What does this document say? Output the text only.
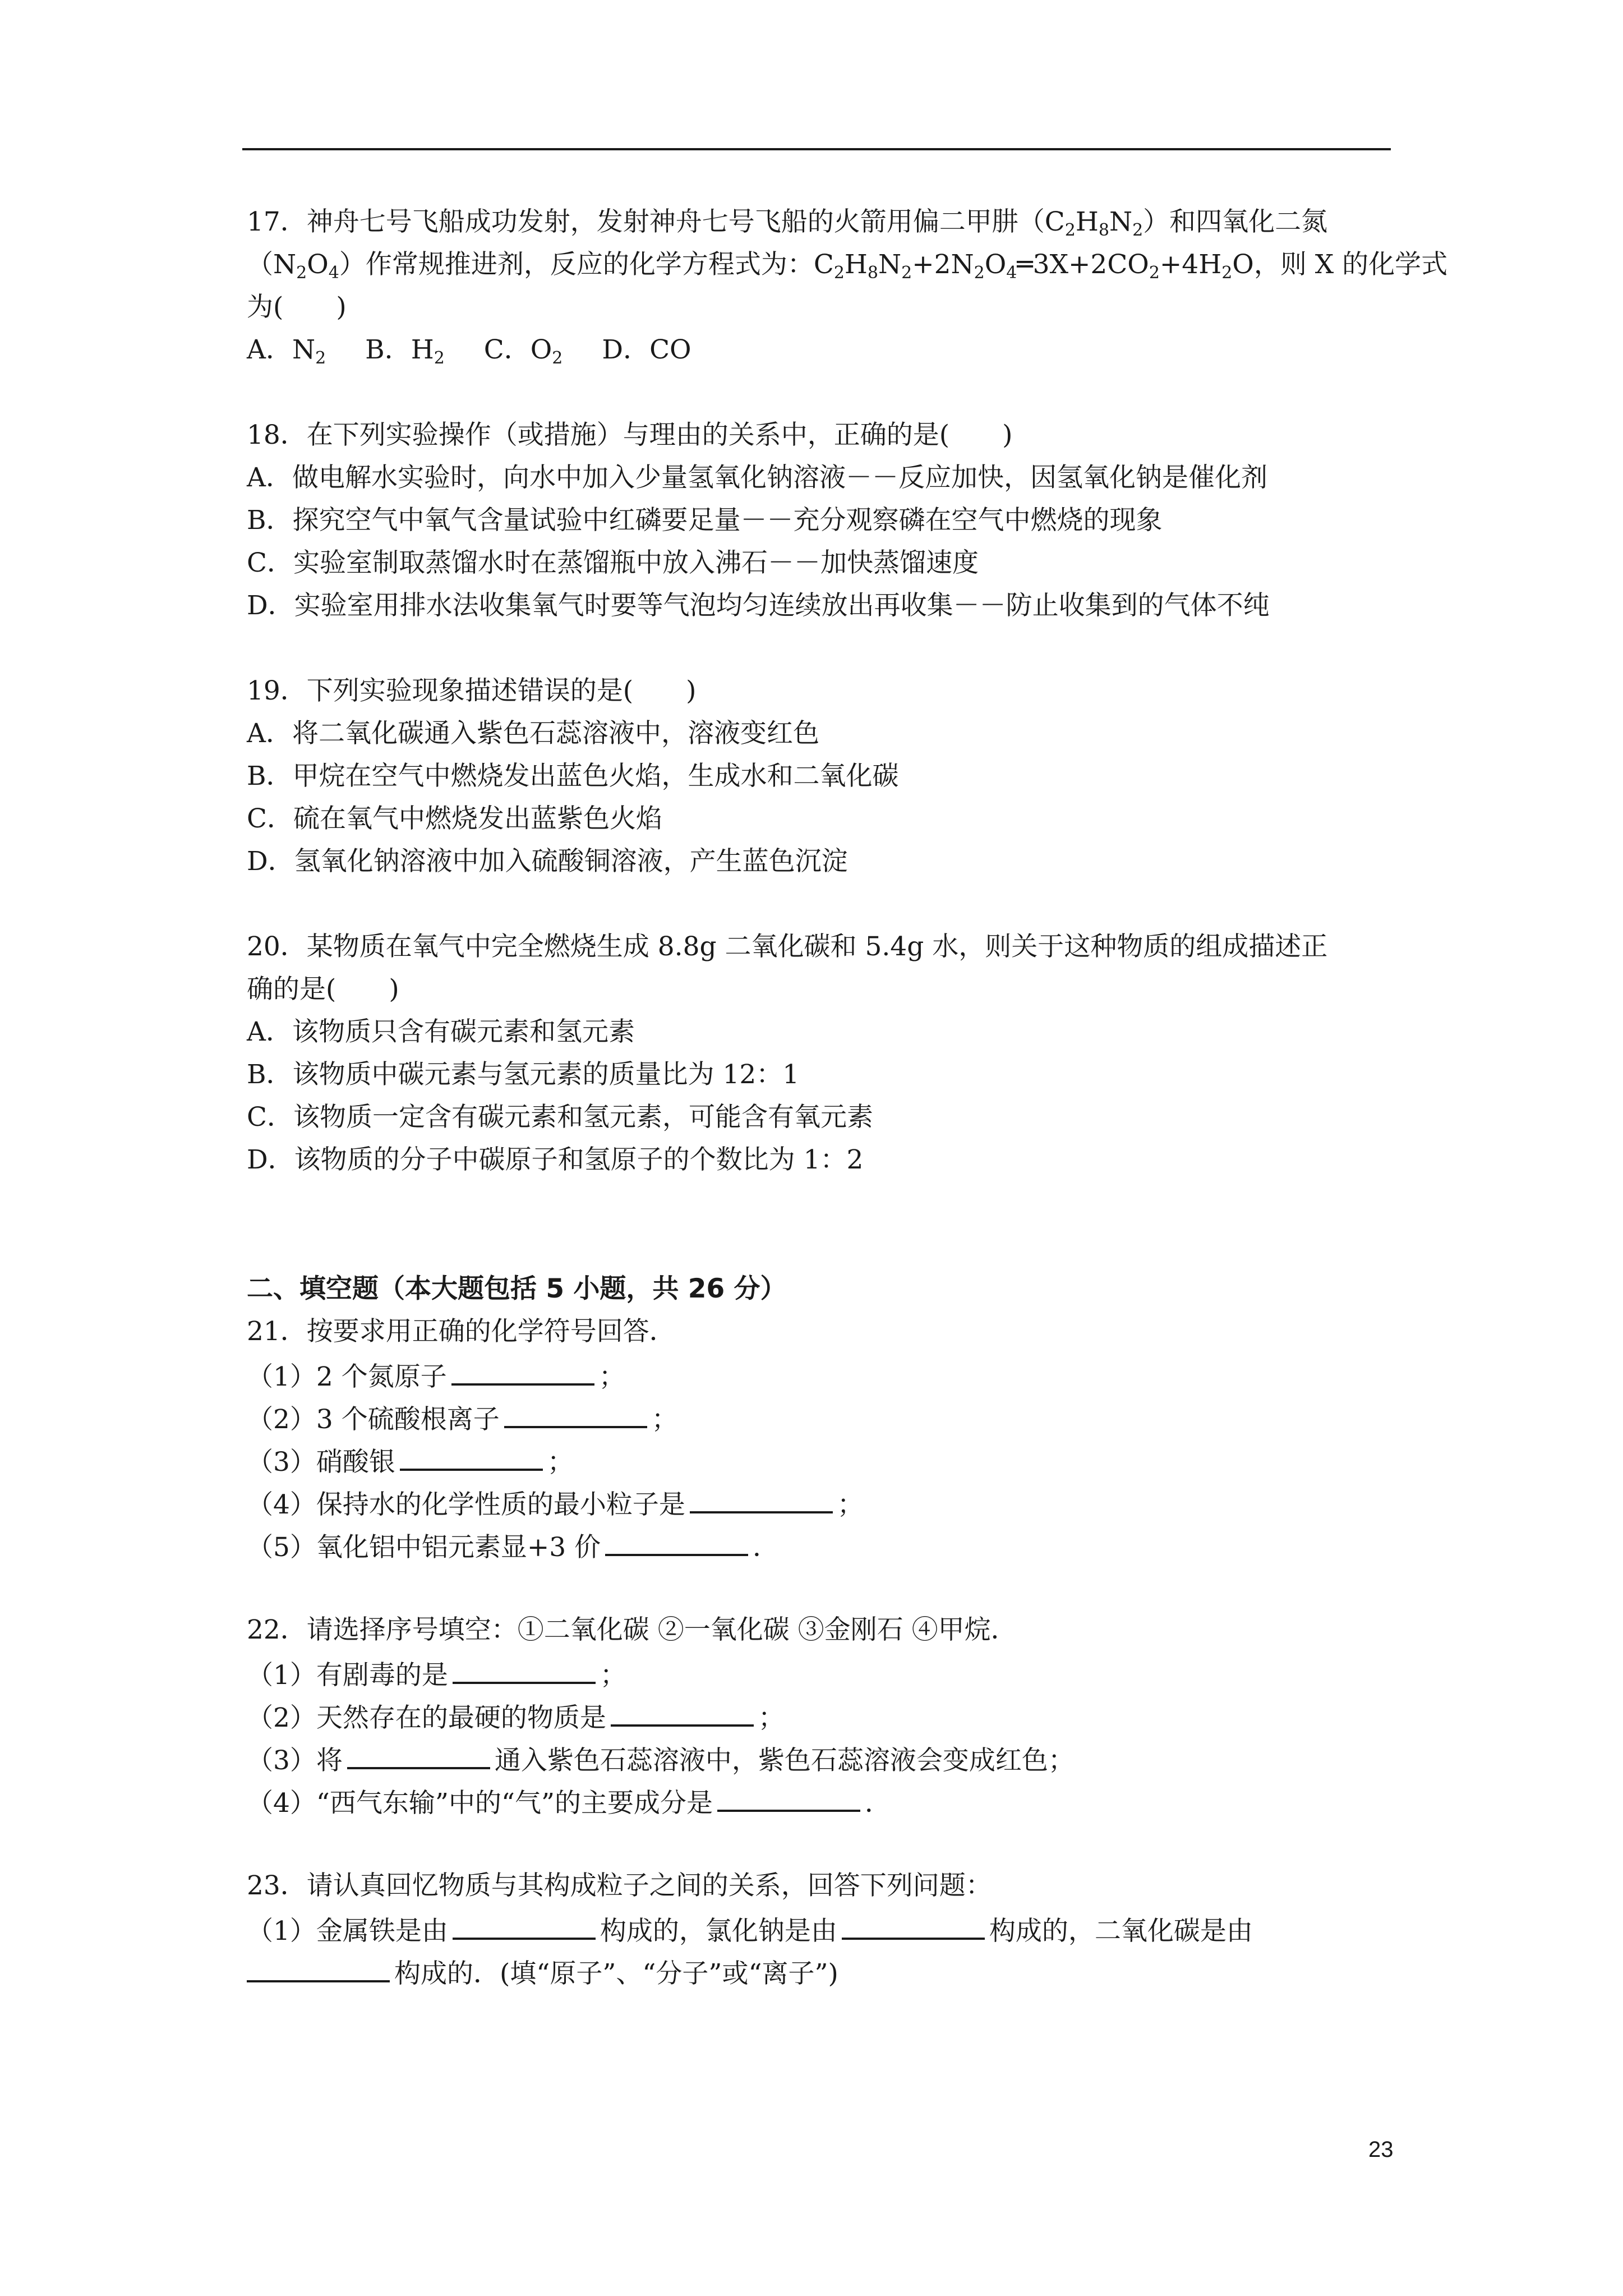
17．神舟七号飞船成功发射，发射神舟七号飞船的火箭用偏二甲肼$(C_2H_8N_2)$和四氧化二氮
$(N_2O_4)$作常规推进剂，反应的化学方程式为：$C_2H_8N_2+2N_2O_4═3X+2CO_2+4H_2O$，则 X 的化学式
为(　　)
A．$N_2$ B．$H_2$ C．$O_2$ D．CO
18．在下列实验操作（或措施）与理由的关系中，正确的是(　　)
A．做电解水实验时，向水中加入少量氢氧化钠溶液－－反应加快，因氢氧化钠是催化剂
B．探究空气中氧气含量试验中红磷要足量－－充分观察磷在空气中燃烧的现象
C．实验室制取蒸馏水时在蒸馏瓶中放入沸石－－加快蒸馏速度
D．实验室用排水法收集氧气时要等气泡均匀连续放出再收集－－防止收集到的气体不纯
19．下列实验现象描述错误的是(　　)
A．将二氧化碳通入紫色石蕊溶液中，溶液变红色
B．甲烷在空气中燃烧发出蓝色火焰，生成水和二氧化碳
C．硫在氧气中燃烧发出蓝紫色火焰
D．氢氧化钠溶液中加入硫酸铜溶液，产生蓝色沉淀
20．某物质在氧气中完全燃烧生成 8.8g 二氧化碳和 5.4g 水，则关于这种物质的组成描述正
确的是(　　)
A．该物质只含有碳元素和氢元素
B．该物质中碳元素与氢元素的质量比为 12：1
C．该物质一定含有碳元素和氢元素，可能含有氧元素
D．该物质的分子中碳原子和氢原子的个数比为 1：2
二、填空题（本大题包括 5 小题，共 26 分）
21．按要求用正确的化学符号回答．
（1）2 个氮原子	；
（2）3 个硫酸根离子	；
（3）硝酸银	；
（4）保持水的化学性质的最小粒子是	；
（5）氧化铝中铝元素显+3 价	．
22．请选择序号填空：①二氧化碳 ②一氧化碳 ③金刚石 ④甲烷．
（1）有剧毒的是	；
（2）天然存在的最硬的物质是	；
（3）将	通入紫色石蕊溶液中，紫色石蕊溶液会变成红色；
（4）“西气东输”中的“气”的主要成分是	．
23．请认真回忆物质与其构成粒子之间的关系，回答下列问题：
（1）金属铁是由	构成的，氯化钠是由	构成的，二氧化碳是由
构成的．(填“原子”、“分子”或“离子”)
23
